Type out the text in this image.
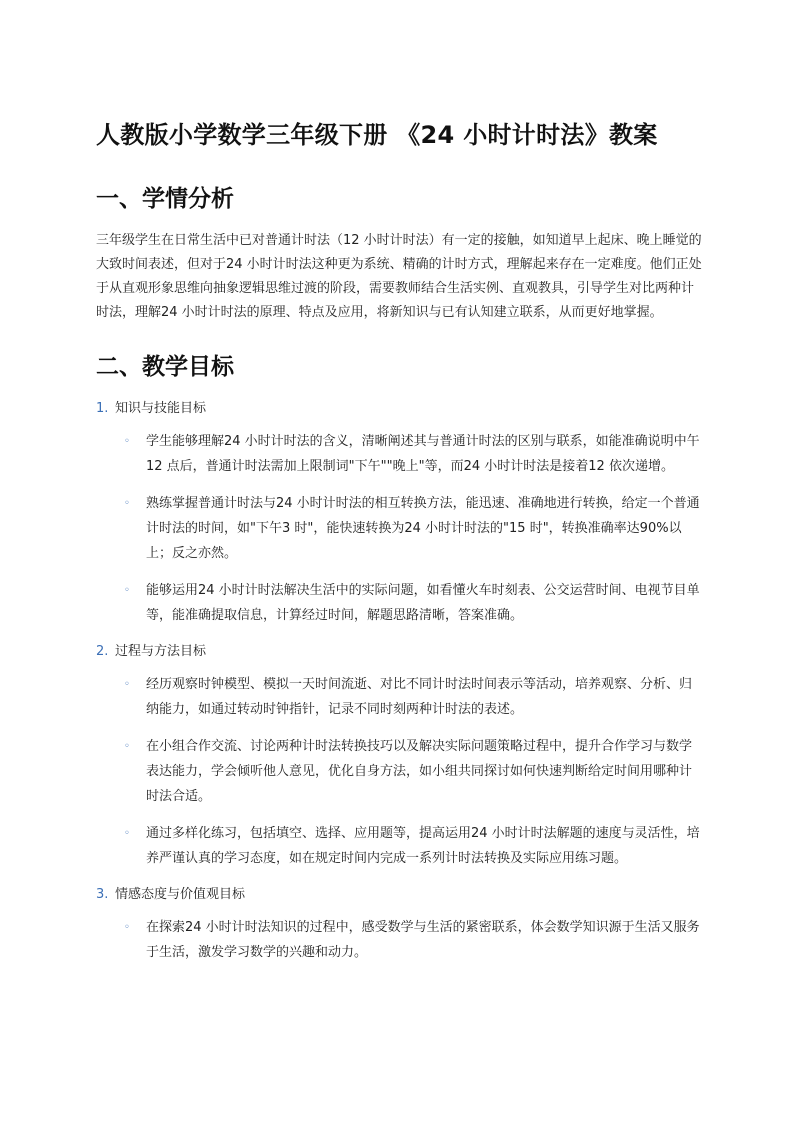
人教版小学数学三年级下册 《24 小时计时法》教案
一、学情分析

三年级学生在日常生活中已对普通计时法（12 小时计时法）有一定的接触，如知道早上起床、晚上睡觉的大致时间表述，但对于24 小时计时法这种更为系统、精确的计时方式，理解起来存在一定难度。他们正处于从直观形象思维向抽象逻辑思维过渡的阶段，需要教师结合生活实例、直观教具，引导学生对比两种计时法，理解24 小时计时法的原理、特点及应用，将新知识与已有认知建立联系，从而更好地掌握。

二、教学目标
1. 知识与技能目标
◦	学生能够理解24 小时计时法的含义，清晰阐述其与普通计时法的区别与联系，如能准确说明中午12 点后，普通计时法需加上限制词"下午""晚上"等，而24 小时计时法是接着12 依次递增。
◦	熟练掌握普通计时法与24 小时计时法的相互转换方法，能迅速、准确地进行转换，给定一个普通计时法的时间，如"下午3 时"，能快速转换为24 小时计时法的"15 时"，转换准确率达90%以上；反之亦然。
◦	能够运用24 小时计时法解决生活中的实际问题，如看懂火车时刻表、公交运营时间、电视节目单等，能准确提取信息，计算经过时间，解题思路清晰，答案准确。
2. 过程与方法目标
◦	经历观察时钟模型、模拟一天时间流逝、对比不同计时法时间表示等活动，培养观察、分析、归纳能力，如通过转动时钟指针，记录不同时刻两种计时法的表述。
◦	在小组合作交流、讨论两种计时法转换技巧以及解决实际问题策略过程中，提升合作学习与数学表达能力，学会倾听他人意见，优化自身方法，如小组共同探讨如何快速判断给定时间用哪种计时法合适。
◦	通过多样化练习，包括填空、选择、应用题等，提高运用24 小时计时法解题的速度与灵活性，培养严谨认真的学习态度，如在规定时间内完成一系列计时法转换及实际应用练习题。
3. 情感态度与价值观目标
◦	在探索24 小时计时法知识的过程中，感受数学与生活的紧密联系，体会数学知识源于生活又服务于生活，激发学习数学的兴趣和动力。
